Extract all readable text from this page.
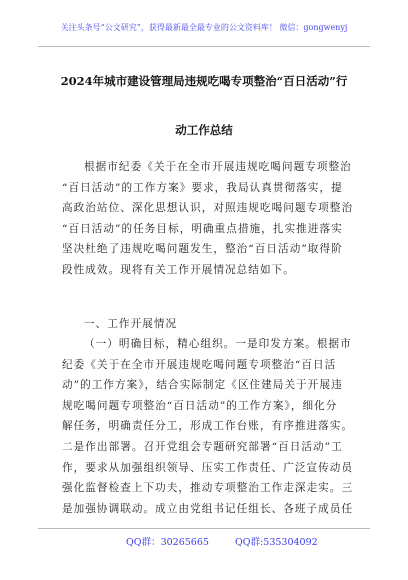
关注头条号“公文研究”，获得最新最全最专业的公文资料库！ 微信：gongwenyj
2024年城市建设管理局违规吃喝专项整治“百日活动”行
动工作总结
根据市纪委《关于在全市开展违规吃喝问题专项整治
“百日活动”的工作方案》要求，我局认真贯彻落实，提
高政治站位、深化思想认识，对照违规吃喝问题专项整治
“百日活动”的任务目标，明确重点措施，扎实推进落实
坚决杜绝了违规吃喝问题发生，整治“百日活动”取得阶
段性成效。现将有关工作开展情况总结如下。
一、工作开展情况
（一）明确目标，精心组织。一是印发方案。根据市
纪委《关于在全市开展违规吃喝问题专项整治“百日活
动”的工作方案》，结合实际制定《区住建局关于开展违
规吃喝问题专项整治“百日活动”的工作方案》，细化分
解任务，明确责任分工，形成工作台账，有序推进落实。
二是作出部署。召开党组会专题研究部署“百日活动”工
作，要求从加强组织领导、压实工作责任、广泛宣传动员
强化监督检查上下功夫，推动专项整治工作走深走实。三
是加强协调联动。成立由党组书记任组长、各班子成员任
QQ群：30265665	QQ群:535304092
